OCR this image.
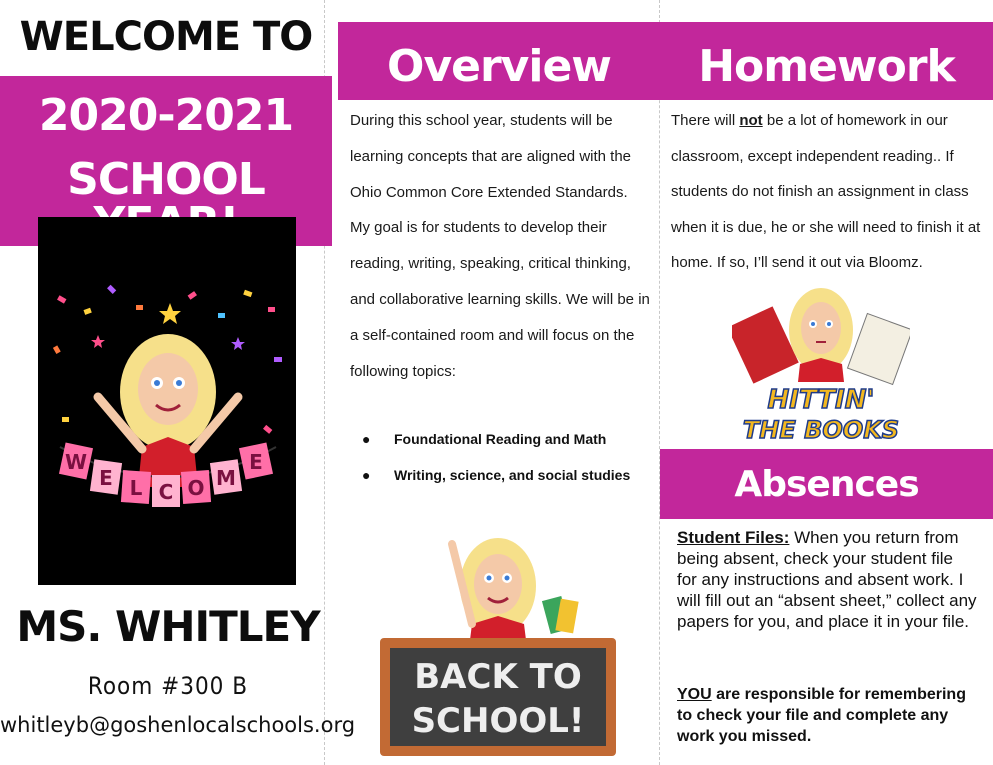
WELCOME TO
2020-2021
SCHOOL
W
E L C O M
E
MS. WHITLEY
Room #300 B
whitleyb@goshenlocalschools.org
Overview
During this school year, students will be learning concepts that are aligned with the Ohio Common Core Extended Standards. My goal is for students to develop their reading, writing, speaking, critical thinking, and collaborative learning skills. We will be in a self-contained room and will focus on the following topics:
● Foundational Reading and Math
● Writing, science, and social studies
BACK TO
SCHOOL!
Homework
There will not be a lot of homework in our classroom, except independent reading.. If students do not finish an assignment in class when it is due, he or she will need to finish it at home. If so, I’ll send it out via Bloomz.
HITTIN'
THE BOOKS
Absences
Student Files: When you return from being absent, check your student file for any instructions and absent work. I will fill out an “absent sheet,” collect any papers for you, and place it in your file.
YOU are responsible for remembering to check your file and complete any work you missed.
